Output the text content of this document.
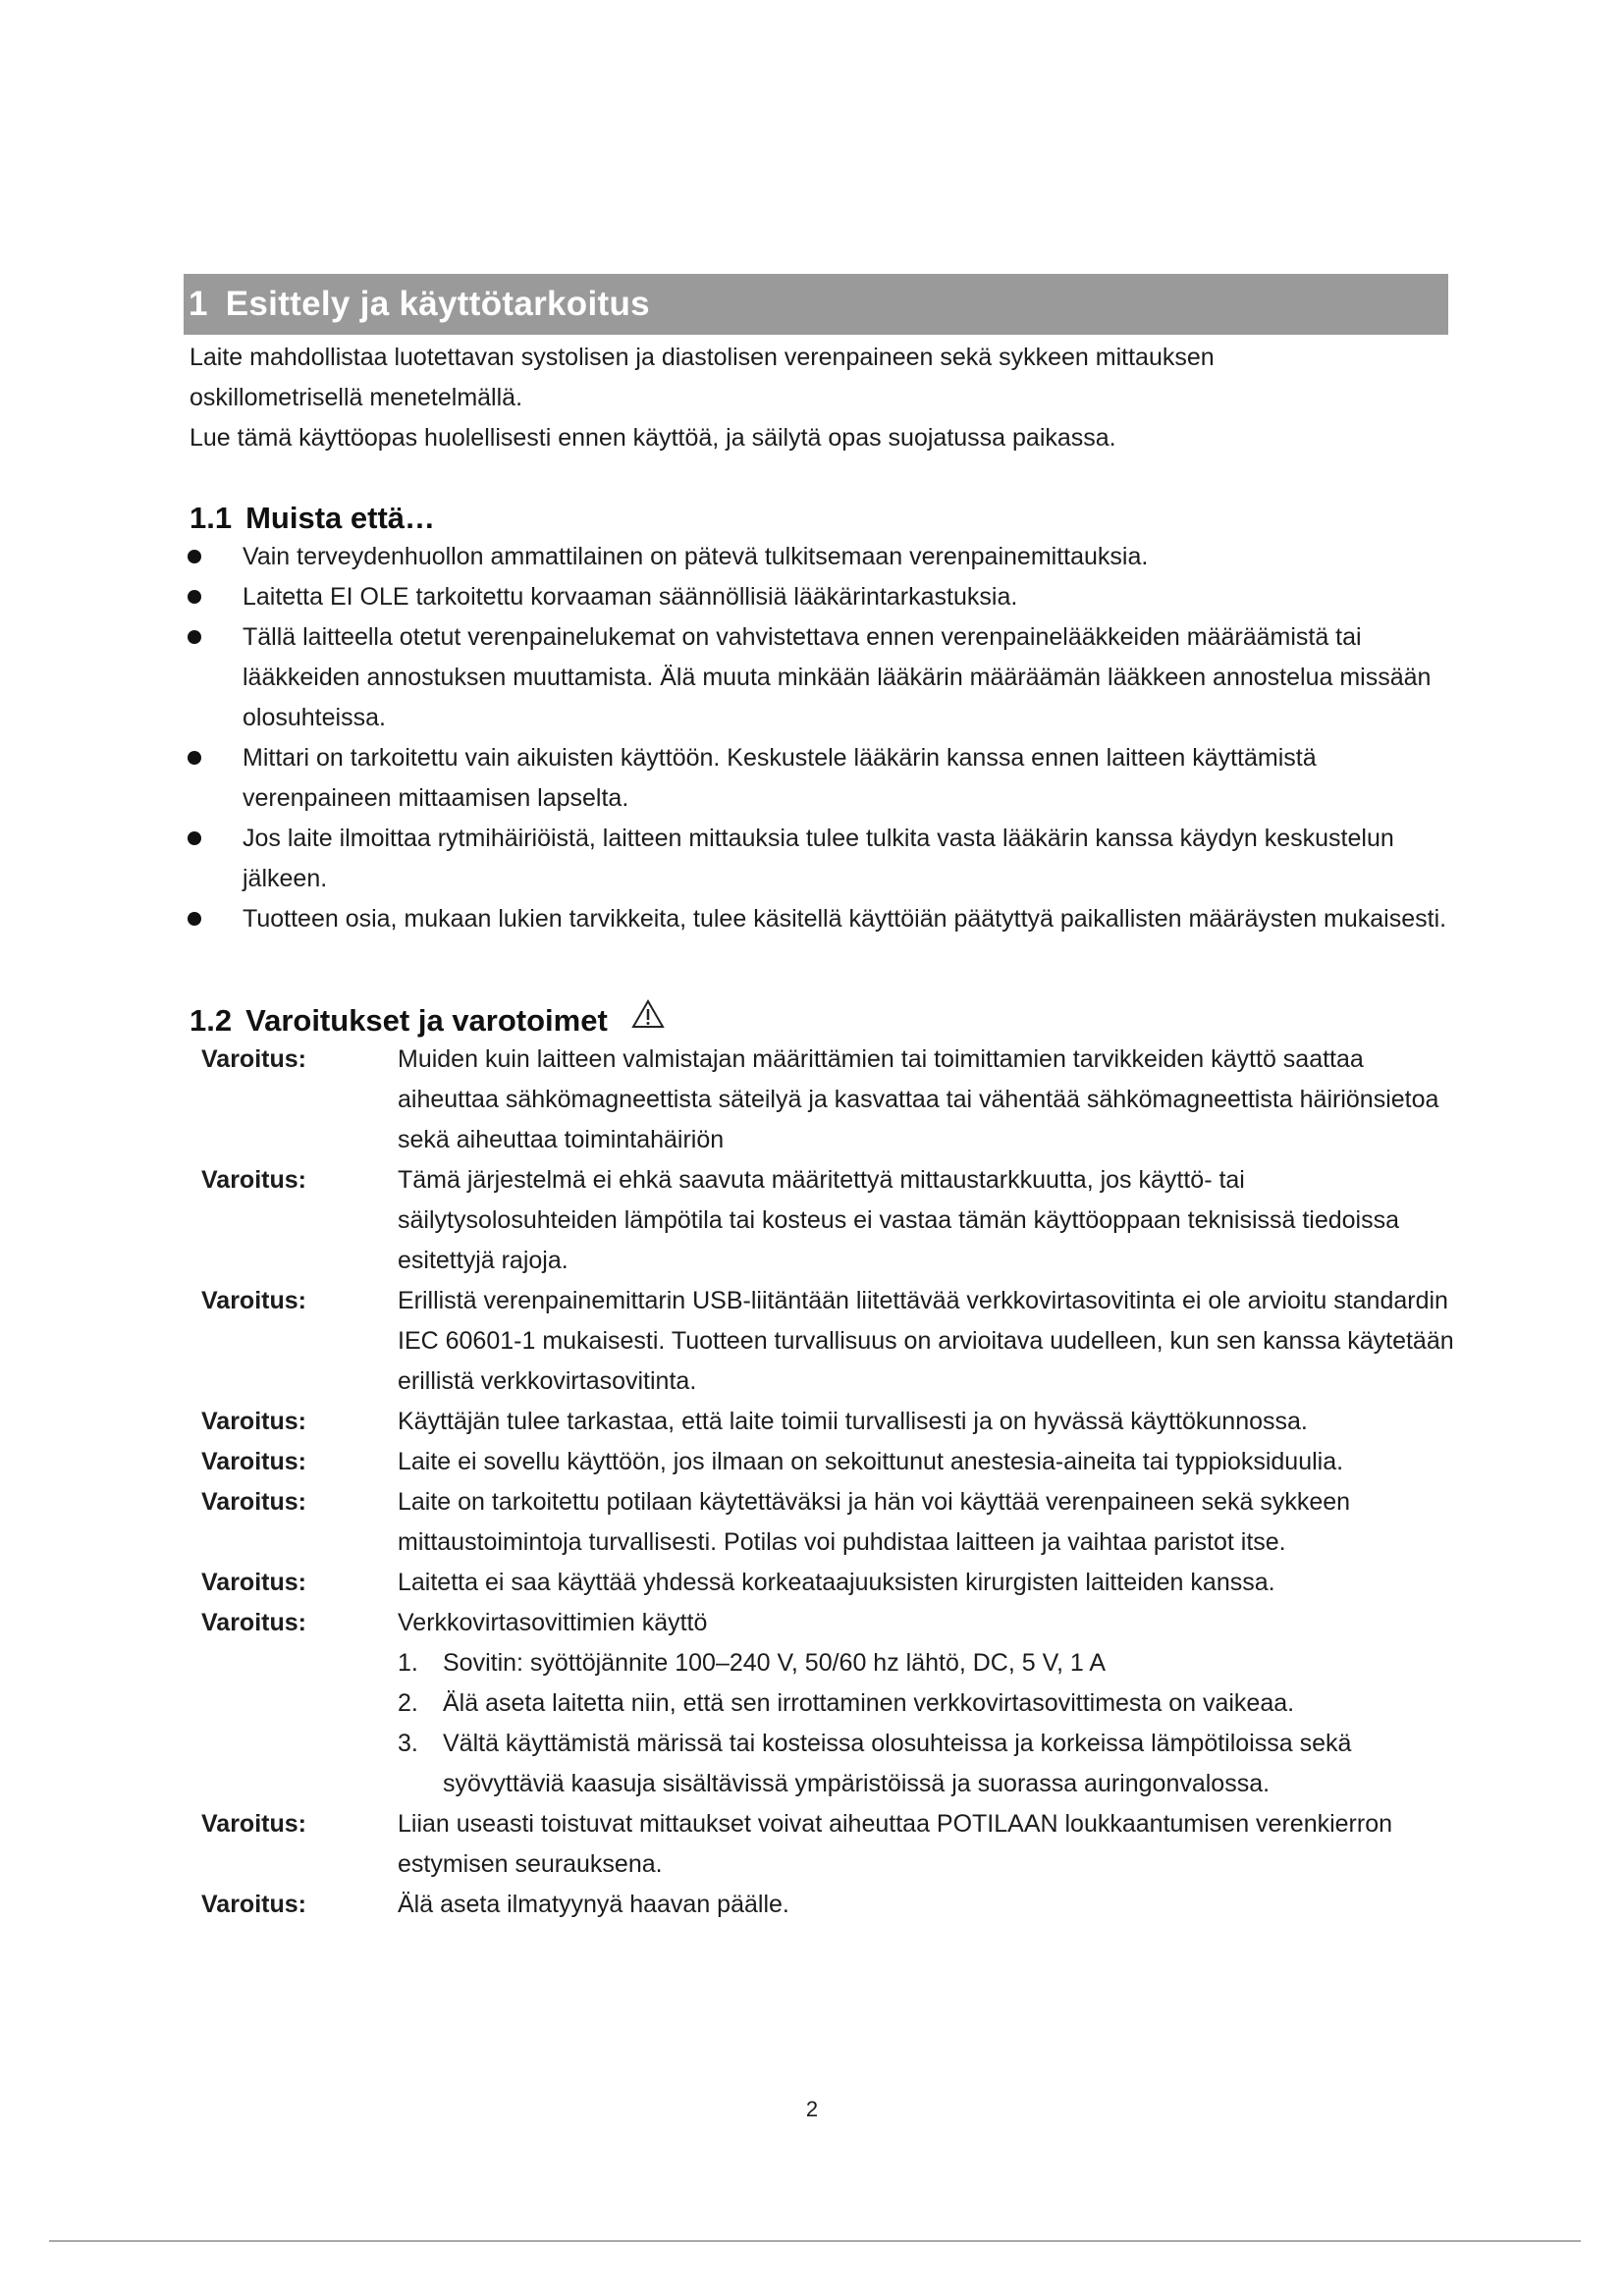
1 Esittely ja käyttötarkoitus

Laite mahdollistaa luotettavan systolisen ja diastolisen verenpaineen sekä sykkeen mittauksen

oskillometrisellä menetelmällä.

Lue tämä käyttöopas huolellisesti ennen käyttöä, ja säilytä opas suojatussa paikassa.

1.1 Muista että…
Vain terveydenhuollon ammattilainen on pätevä tulkitsemaan verenpainemittauksia.
Laitetta EI OLE tarkoitettu korvaaman säännöllisiä lääkärintarkastuksia.
Tällä laitteella otetut verenpainelukemat on vahvistettava ennen verenpainelääkkeiden määräämistä tai lääkkeiden annostuksen muuttamista. Älä muuta minkään lääkärin määräämän lääkkeen annostelua missään olosuhteissa.
Mittari on tarkoitettu vain aikuisten käyttöön. Keskustele lääkärin kanssa ennen laitteen käyttämistä verenpaineen mittaamisen lapselta.
Jos laite ilmoittaa rytmihäiriöistä, laitteen mittauksia tulee tulkita vasta lääkärin kanssa käydyn keskustelun jälkeen.
Tuotteen osia, mukaan lukien tarvikkeita, tulee käsitellä käyttöiän päätyttyä paikallisten määräysten mukaisesti.
1.2 Varoitukset ja varotoimet
Varoitus:	Muiden kuin laitteen valmistajan määrittämien tai toimittamien tarvikkeiden käyttö saattaa aiheuttaa sähkömagneettista säteilyä ja kasvattaa tai vähentää sähkömagneettista häiriönsietoa sekä aiheuttaa toimintahäiriön
Varoitus:	Tämä järjestelmä ei ehkä saavuta määritettyä mittaustarkkuutta, jos käyttö- tai säilytysolosuhteiden lämpötila tai kosteus ei vastaa tämän käyttöoppaan teknisissä tiedoissa esitettyjä rajoja.
Varoitus:	Erillistä verenpainemittarin USB-liitäntään liitettävää verkkovirtasovitinta ei ole arvioitu standardin IEC 60601-1 mukaisesti. Tuotteen turvallisuus on arvioitava uudelleen, kun sen kanssa käytetään erillistä verkkovirtasovitinta.
Varoitus:	Käyttäjän tulee tarkastaa, että laite toimii turvallisesti ja on hyvässä käyttökunnossa.
Varoitus:	Laite ei sovellu käyttöön, jos ilmaan on sekoittunut anestesia-aineita tai typpioksiduulia.
Varoitus:	Laite on tarkoitettu potilaan käytettäväksi ja hän voi käyttää verenpaineen sekä sykkeen mittaustoimintoja turvallisesti. Potilas voi puhdistaa laitteen ja vaihtaa paristot itse.
Varoitus:	Laitetta ei saa käyttää yhdessä korkeataajuuksisten kirurgisten laitteiden kanssa.
Varoitus:	Verkkovirtasovittimien käyttö
1. Sovitin: syöttöjännite 100–240 V, 50/60 hz lähtö, DC, 5 V, 1 A
2. Älä aseta laitetta niin, että sen irrottaminen verkkovirtasovittimesta on vaikeaa.
3. Vältä käyttämistä märissä tai kosteissa olosuhteissa ja korkeissa lämpötiloissa sekä syövyttäviä kaasuja sisältävissä ympäristöissä ja suorassa auringonvalossa.
Varoitus:	Liian useasti toistuvat mittaukset voivat aiheuttaa POTILAAN loukkaantumisen verenkierron estymisen seurauksena.
Varoitus:	Älä aseta ilmatyynyä haavan päälle.
2
